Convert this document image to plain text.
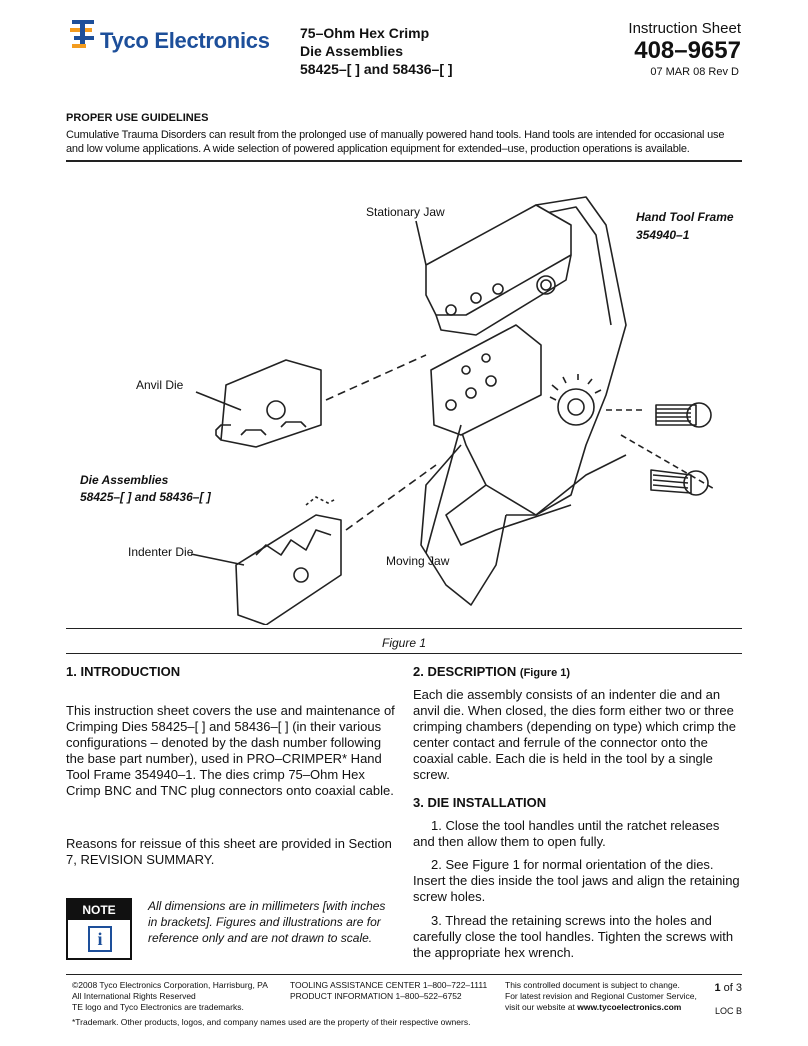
Tyco Electronics 75–Ohm Hex Crimp
Die Assemblies
58425–[ ] and 58436–[ ]
Instruction Sheet
408–9657
07 MAR 08 Rev D
PROPER USE GUIDELINES
Cumulative Trauma Disorders can result from the prolonged use of manually powered hand tools. Hand tools are intended for occasional use and low volume applications. A wide selection of powered application equipment for extended–use, production operations is available.
Stationary Jaw	Hand Tool Frame
354940–1
Anvil Die
Die Assemblies
58425–[ ] and 58436–[ ]
Indenter Die
Moving Jaw
Figure 1
1. INTRODUCTION
This instruction sheet covers the use and maintenance of Crimping Dies 58425–[ ] and 58436–[ ] (in their various configurations – denoted by the dash number following the base part number), used in PRO–CRIMPER* Hand Tool Frame 354940–1. The dies crimp 75–Ohm Hex Crimp BNC and TNC plug connectors onto coaxial cable.
Reasons for reissue of this sheet are provided in Section 7, REVISION SUMMARY.
NOTE
i
All dimensions are in millimeters [with inches in brackets]. Figures and illustrations are for reference only and are not drawn to scale.
2. DESCRIPTION (Figure 1)
Each die assembly consists of an indenter die and an anvil die. When closed, the dies form either two or three crimping chambers (depending on type) which crimp the center contact and ferrule of the connector onto the coaxial cable. Each die is held in the tool by a single screw.
3. DIE INSTALLATION
1. Close the tool handles until the ratchet releases and then allow them to open fully.
2. See Figure 1 for normal orientation of the dies. Insert the dies inside the tool jaws and align the retaining screw holes.
3. Thread the retaining screws into the holes and carefully close the tool handles. Tighten the screws with the appropriate hex wrench.
©2008 Tyco Electronics Corporation, Harrisburg, PA
All International Rights Reserved
TE logo and Tyco Electronics are trademarks.
*Trademark. Other products, logos, and company names used are the property of their respective owners.
TOOLING ASSISTANCE CENTER 1–800–722–1111
PRODUCT INFORMATION 1–800–522–6752
This controlled document is subject to change.
For latest revision and Regional Customer Service,
visit our website at www.tycoelectronics.com
1 of 3
LOC B
